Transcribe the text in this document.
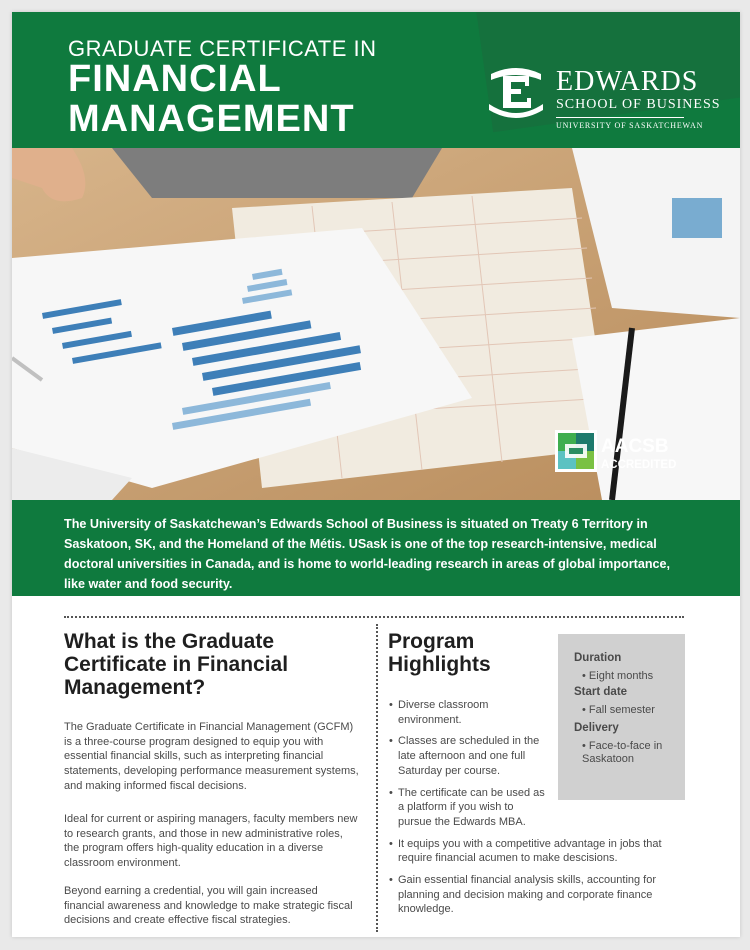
GRADUATE CERTIFICATE IN
FINANCIAL
MANAGEMENT
EDWARDS
SCHOOL OF BUSINESS
UNIVERSITY OF SASKATCHEWAN
AACSB
ACCREDITED

The University of Saskatchewan’s Edwards School of Business is situated on Treaty 6 Territory in Saskatoon, SK, and the Homeland of the Métis. USask is one of the top research-intensive, medical doctoral universities in Canada, and is home to world-leading research in areas of global importance, like water and food security.

What is the Graduate Certificate in Financial Management?

The Graduate Certificate in Financial Management (GCFM) is a three-course program designed to equip you with essential financial skills, such as interpreting financial statements, developing performance measurement systems, and making informed fiscal decisions.

Ideal for current or aspiring managers, faculty members new to research grants, and those in new administrative roles, the program offers high-quality education in a diverse classroom environment.

Beyond earning a credential, you will gain increased financial awareness and knowledge to make strategic fiscal decisions and create effective fiscal strategies.

Program
Highlights
• Diverse classroom environment.
• Classes are scheduled in the late afternoon and one full Saturday per course.
• The certificate can be used as a platform if you wish to pursue the Edwards MBA.
• It equips you with a competitive advantage in jobs that require financial acumen to make descisions.
• Gain essential financial analysis skills, accounting for planning and decision making and corporate finance knowledge.
Duration
• Eight months
Start date
• Fall semester
Delivery
• Face-to-face in Saskatoon
